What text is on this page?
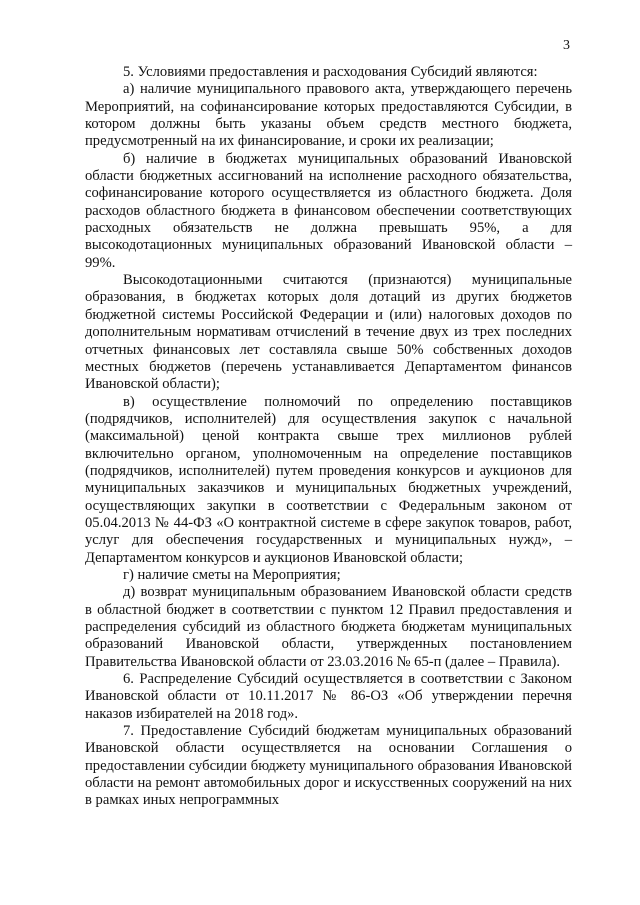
3

5. Условиями предоставления и расходования Субсидий являются:

а) наличие муниципального правового акта, утверждающего перечень Мероприятий, на софинансирование которых предоставляются Субсидии, в котором должны быть указаны объем средств местного бюджета, предусмотренный на их финансирование, и сроки их реализации;

б) наличие в бюджетах муниципальных образований Ивановской области бюджетных ассигнований на исполнение расходного обязательства, софинансирование которого осуществляется из областного бюджета. Доля расходов областного бюджета в финансовом обеспечении соответствующих расходных обязательств не должна превышать 95%, а для высокодотационных муниципальных образований Ивановской области – 99%.

Высокодотационными считаются (признаются) муниципальные образования, в бюджетах которых доля дотаций из других бюджетов бюджетной системы Российской Федерации и (или) налоговых доходов по дополнительным нормативам отчислений в течение двух из трех последних отчетных финансовых лет составляла свыше 50% собственных доходов местных бюджетов (перечень устанавливается Департаментом финансов Ивановской области);

в) осуществление полномочий по определению поставщиков (подрядчиков, исполнителей) для осуществления закупок с начальной (максимальной) ценой контракта свыше трех миллионов рублей включительно органом, уполномоченным на определение поставщиков (подрядчиков, исполнителей) путем проведения конкурсов и аукционов для муниципальных заказчиков и муниципальных бюджетных учреждений, осуществляющих закупки в соответствии с Федеральным законом от 05.04.2013 № 44-ФЗ «О контрактной системе в сфере закупок товаров, работ, услуг для обеспечения государственных и муниципальных нужд», – Департаментом конкурсов и аукционов Ивановской области;

г) наличие сметы на Мероприятия;

д) возврат муниципальным образованием Ивановской области средств в областной бюджет в соответствии с пунктом 12 Правил предоставления и распределения субсидий из областного бюджета бюджетам муниципальных образований Ивановской области, утвержденных постановлением Правительства Ивановской области от 23.03.2016 № 65-п (далее – Правила).

6. Распределение Субсидий осуществляется в соответствии с Законом Ивановской области от 10.11.2017 № 86-ОЗ «Об утверждении перечня наказов избирателей на 2018 год».

7. Предоставление Субсидий бюджетам муниципальных образований Ивановской области осуществляется на основании Соглашения о предоставлении субсидии бюджету муниципального образования Ивановской области на ремонт автомобильных дорог и искусственных сооружений на них в рамках иных непрограммных
